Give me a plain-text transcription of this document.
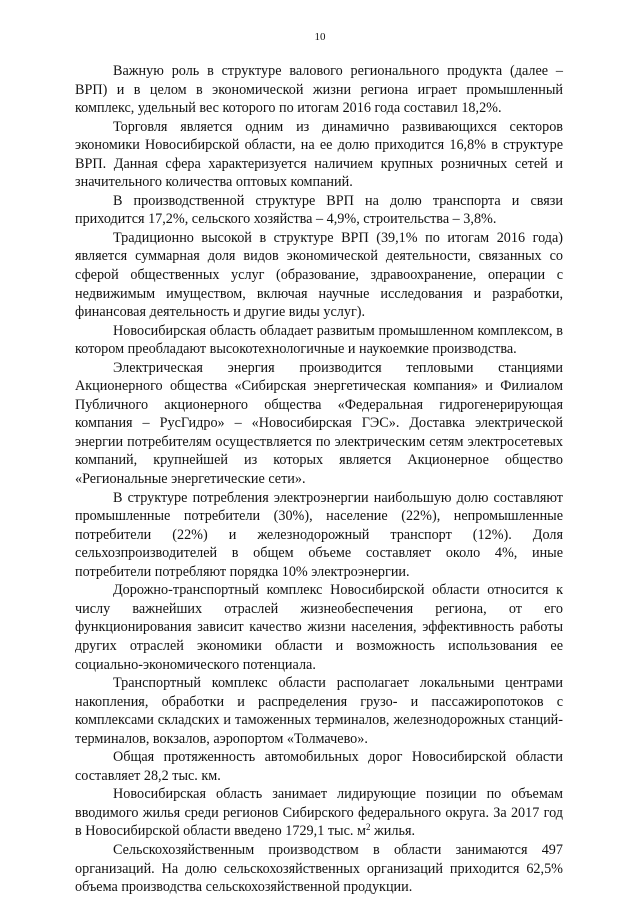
10

Важную роль в структуре валового регионального продукта (далее – ВРП) и в целом в экономической жизни региона играет промышленный комплекс, удельный вес которого по итогам 2016 года составил 18,2%.

Торговля является одним из динамично развивающихся секторов экономики Новосибирской области, на ее долю приходится 16,8% в структуре ВРП. Данная сфера характеризуется наличием крупных розничных сетей и значительного количества оптовых компаний.

В производственной структуре ВРП на долю транспорта и связи приходится 17,2%, сельского хозяйства – 4,9%, строительства – 3,8%.

Традиционно высокой в структуре ВРП (39,1% по итогам 2016 года) является суммарная доля видов экономической деятельности, связанных со сферой общественных услуг (образование, здравоохранение, операции с недвижимым имуществом, включая научные исследования и разработки, финансовая деятельность и другие виды услуг).

Новосибирская область обладает развитым промышленном комплексом, в котором преобладают высокотехнологичные и наукоемкие производства.

Электрическая энергия производится тепловыми станциями Акционерного общества «Сибирская энергетическая компания» и Филиалом Публичного акционерного общества «Федеральная гидрогенерирующая компания – РусГидро» – «Новосибирская ГЭС». Доставка электрической энергии потребителям осуществляется по электрическим сетям электросетевых компаний, крупнейшей из которых является Акционерное общество «Региональные энергетические сети».

В структуре потребления электроэнергии наибольшую долю составляют промышленные потребители (30%), население (22%), непромышленные потребители (22%) и железнодорожный транспорт (12%). Доля сельхозпроизводителей в общем объеме составляет около 4%, иные потребители потребляют порядка 10% электроэнергии.

Дорожно-транспортный комплекс Новосибирской области относится к числу важнейших отраслей жизнеобеспечения региона, от его функционирования зависит качество жизни населения, эффективность работы других отраслей экономики области и возможность использования ее социально-экономического потенциала.

Транспортный комплекс области располагает локальными центрами накопления, обработки и распределения грузо- и пассажиропотоков с комплексами складских и таможенных терминалов, железнодорожных станций-терминалов, вокзалов, аэропортом «Толмачево».

Общая протяженность автомобильных дорог Новосибирской области составляет 28,2 тыс. км.

Новосибирская область занимает лидирующие позиции по объемам вводимого жилья среди регионов Сибирского федерального округа. За 2017 год в Новосибирской области введено 1729,1 тыс. $м^2$ жилья.

Сельскохозяйственным производством в области занимаются 497 организаций. На долю сельскохозяйственных организаций приходится 62,5% объема производства сельскохозяйственной продукции.
